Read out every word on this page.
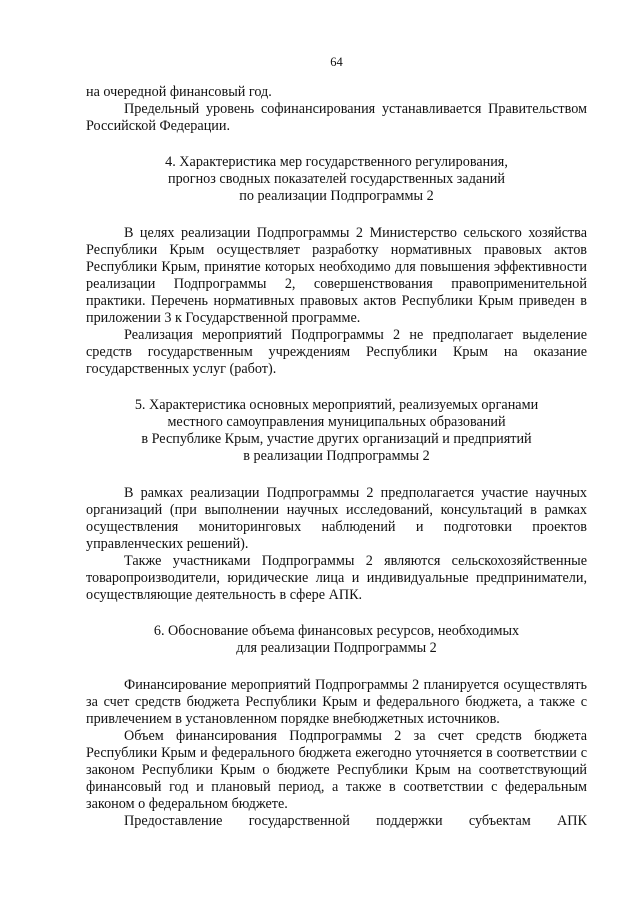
64

на очередной финансовый год.

Предельный уровень софинансирования устанавливается Правительством Российской Федерации.

4. Характеристика мер государственного регулирования,
прогноз сводных показателей государственных заданий
по реализации Подпрограммы 2

В целях реализации Подпрограммы 2 Министерство сельского хозяйства Республики Крым осуществляет разработку нормативных правовых актов Республики Крым, принятие которых необходимо для повышения эффективности реализации Подпрограммы 2, совершенствования правоприменительной практики. Перечень нормативных правовых актов Республики Крым приведен в приложении 3 к Государственной программе.

Реализация мероприятий Подпрограммы 2 не предполагает выделение средств государственным учреждениям Республики Крым на оказание государственных услуг (работ).

5. Характеристика основных мероприятий, реализуемых органами
местного самоуправления муниципальных образований
в Республике Крым, участие других организаций и предприятий
в реализации Подпрограммы 2

В рамках реализации Подпрограммы 2 предполагается участие научных организаций (при выполнении научных исследований, консультаций в рамках осуществления мониторинговых наблюдений и подготовки проектов управленческих решений).

Также участниками Подпрограммы 2 являются сельскохозяйственные товаропроизводители, юридические лица и индивидуальные предприниматели, осуществляющие деятельность в сфере АПК.

6. Обоснование объема финансовых ресурсов, необходимых
для реализации Подпрограммы 2

Финансирование мероприятий Подпрограммы 2 планируется осуществлять за счет средств бюджета Республики Крым и федерального бюджета, а также с привлечением в установленном порядке внебюджетных источников.

Объем финансирования Подпрограммы 2 за счет средств бюджета Республики Крым и федерального бюджета ежегодно уточняется в соответствии с законом Республики Крым о бюджете Республики Крым на соответствующий финансовый год и плановый период, а также в соответствии с федеральным законом о федеральном бюджете.

Предоставление государственной поддержки субъектам АПК
